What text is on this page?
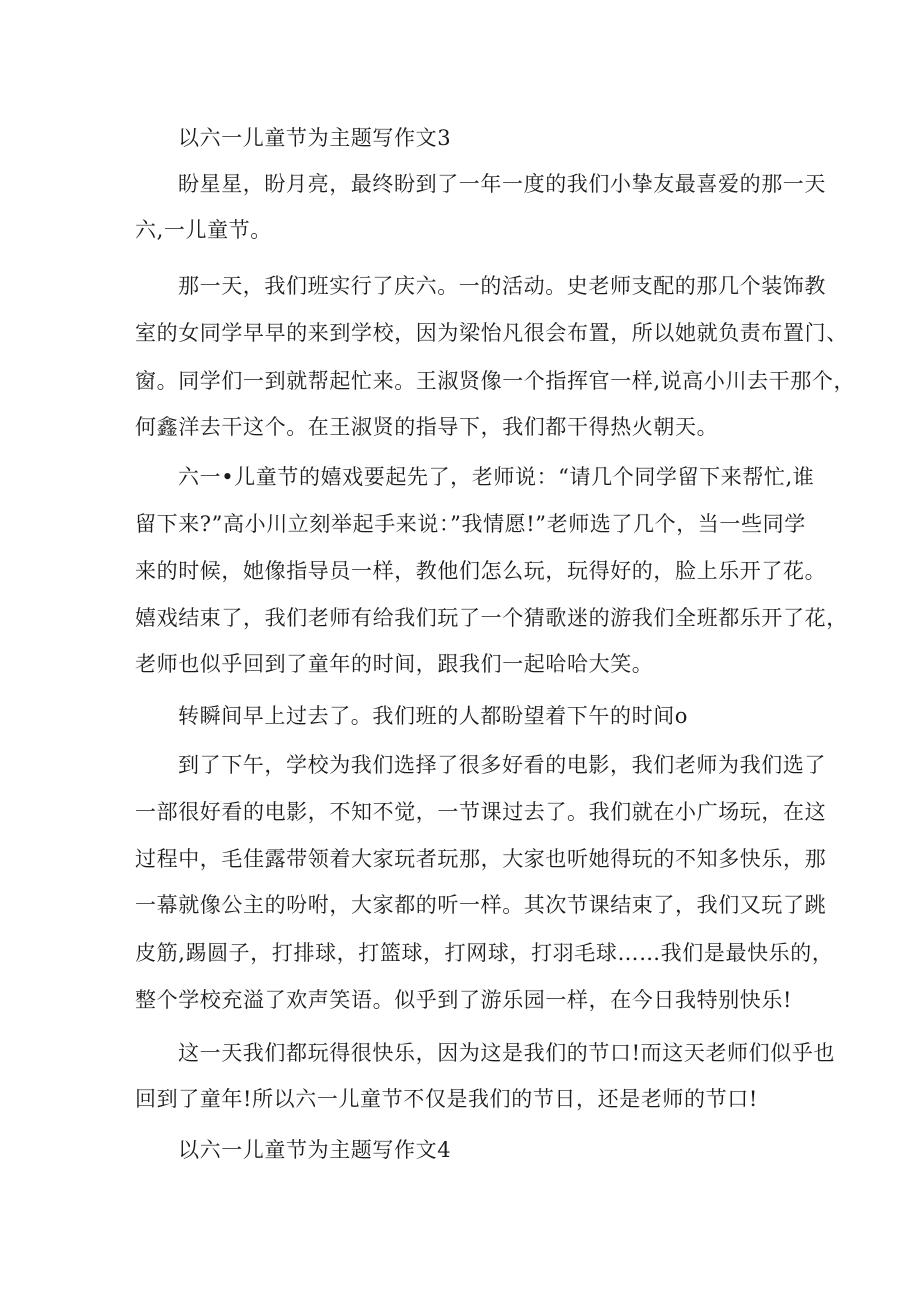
以六一儿童节为主题写作文3
盼星星，盼月亮，最终盼到了一年一度的我们小挚友最喜爱的那一天
六,一儿童节。
那一天，我们班实行了庆六。一的活动。史老师支配的那几个装饰教
室的女同学早早的来到学校，因为梁怡凡很会布置，所以她就负责布置门、
窗。同学们一到就帮起忙来。王淑贤像一个指挥官一样,说高小川去干那个，
何鑫洋去干这个。在王淑贤的指导下，我们都干得热火朝天。
六一•儿童节的嬉戏要起先了，老师说：“请几个同学留下来帮忙,谁
留下来?”高小川立刻举起手来说：”我情愿!”老师选了几个，当一些同学
来的时候，她像指导员一样，教他们怎么玩，玩得好的，脸上乐开了花。
嬉戏结束了，我们老师有给我们玩了一个猜歌迷的游我们全班都乐开了花，
老师也似乎回到了童年的时间，跟我们一起哈哈大笑。
转瞬间早上过去了。我们班的人都盼望着下午的时间o
到了下午，学校为我们选择了很多好看的电影，我们老师为我们选了
一部很好看的电影，不知不觉，一节课过去了。我们就在小广场玩，在这
过程中，毛佳露带领着大家玩者玩那，大家也听她得玩的不知多快乐，那
一幕就像公主的吩咐，大家都的听一样。其次节课结束了，我们又玩了跳
皮筋,踢圆子，打排球，打篮球，打网球，打羽毛球……我们是最快乐的，
整个学校充溢了欢声笑语。似乎到了游乐园一样，在今日我特别快乐!
这一天我们都玩得很快乐，因为这是我们的节口!而这天老师们似乎也
回到了童年!所以六一儿童节不仅是我们的节日，还是老师的节口!
以六一儿童节为主题写作文4
